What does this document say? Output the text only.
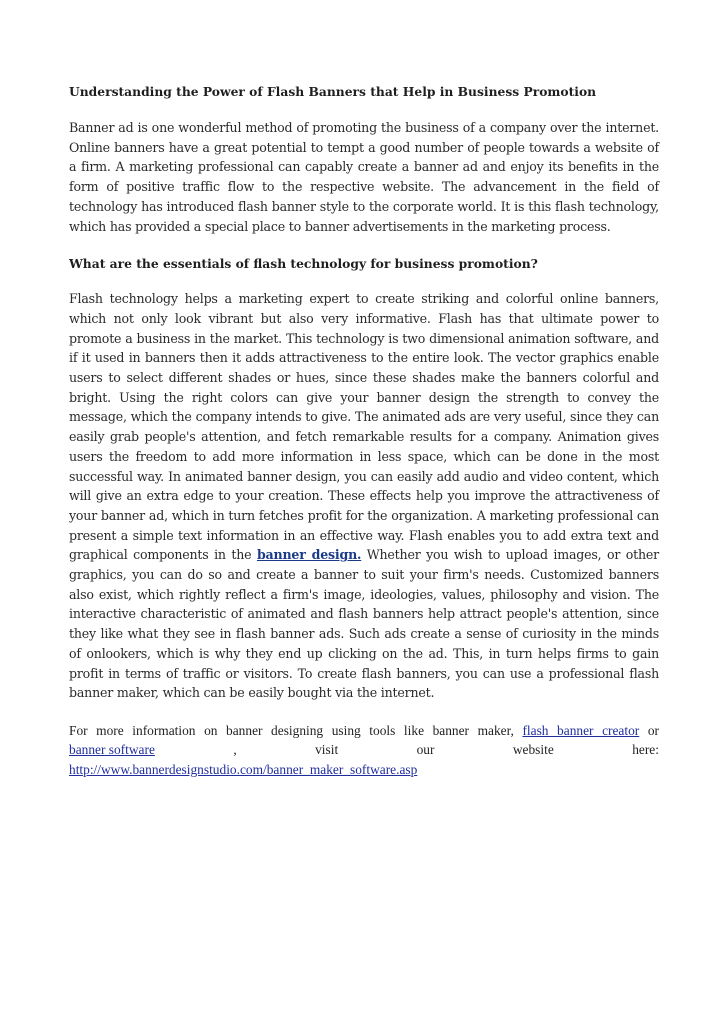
Understanding the Power of Flash Banners that Help in Business Promotion

Banner ad is one wonderful method of promoting the business of a company over the internet. Online banners have a great potential to tempt a good number of people towards a website of a firm. A marketing professional can capably create a banner ad and enjoy its benefits in the form of positive traffic flow to the respective website. The advancement in the field of technology has introduced flash banner style to the corporate world. It is this flash technology, which has provided a special place to banner advertisements in the marketing process.

What are the essentials of flash technology for business promotion?

Flash technology helps a marketing expert to create striking and colorful online banners, which not only look vibrant but also very informative. Flash has that ultimate power to promote a business in the market. This technology is two dimensional animation software, and if it used in banners then it adds attractiveness to the entire look. The vector graphics enable users to select different shades or hues, since these shades make the banners colorful and bright. Using the right colors can give your banner design the strength to convey the message, which the company intends to give. The animated ads are very useful, since they can easily grab people's attention, and fetch remarkable results for a company. Animation gives users the freedom to add more information in less space, which can be done in the most successful way. In animated banner design, you can easily add audio and video content, which will give an extra edge to your creation. These effects help you improve the attractiveness of your banner ad, which in turn fetches profit for the organization. A marketing professional can present a simple text information in an effective way. Flash enables you to add extra text and graphical components in the banner design. Whether you wish to upload images, or other graphics, you can do so and create a banner to suit your firm's needs. Customized banners also exist, which rightly reflect a firm's image, ideologies, values, philosophy and vision. The interactive characteristic of animated and flash banners help attract people's attention, since they like what they see in flash banner ads. Such ads create a sense of curiosity in the minds of onlookers, which is why they end up clicking on the ad. This, in turn helps firms to gain profit in terms of traffic or visitors. To create flash banners, you can use a professional flash banner maker, which can be easily bought via the internet.

For more information on banner designing using tools like banner maker, flash banner creator or
banner software	,	visit	our	website	here:
http://www.bannerdesignstudio.com/banner_maker_software.asp
